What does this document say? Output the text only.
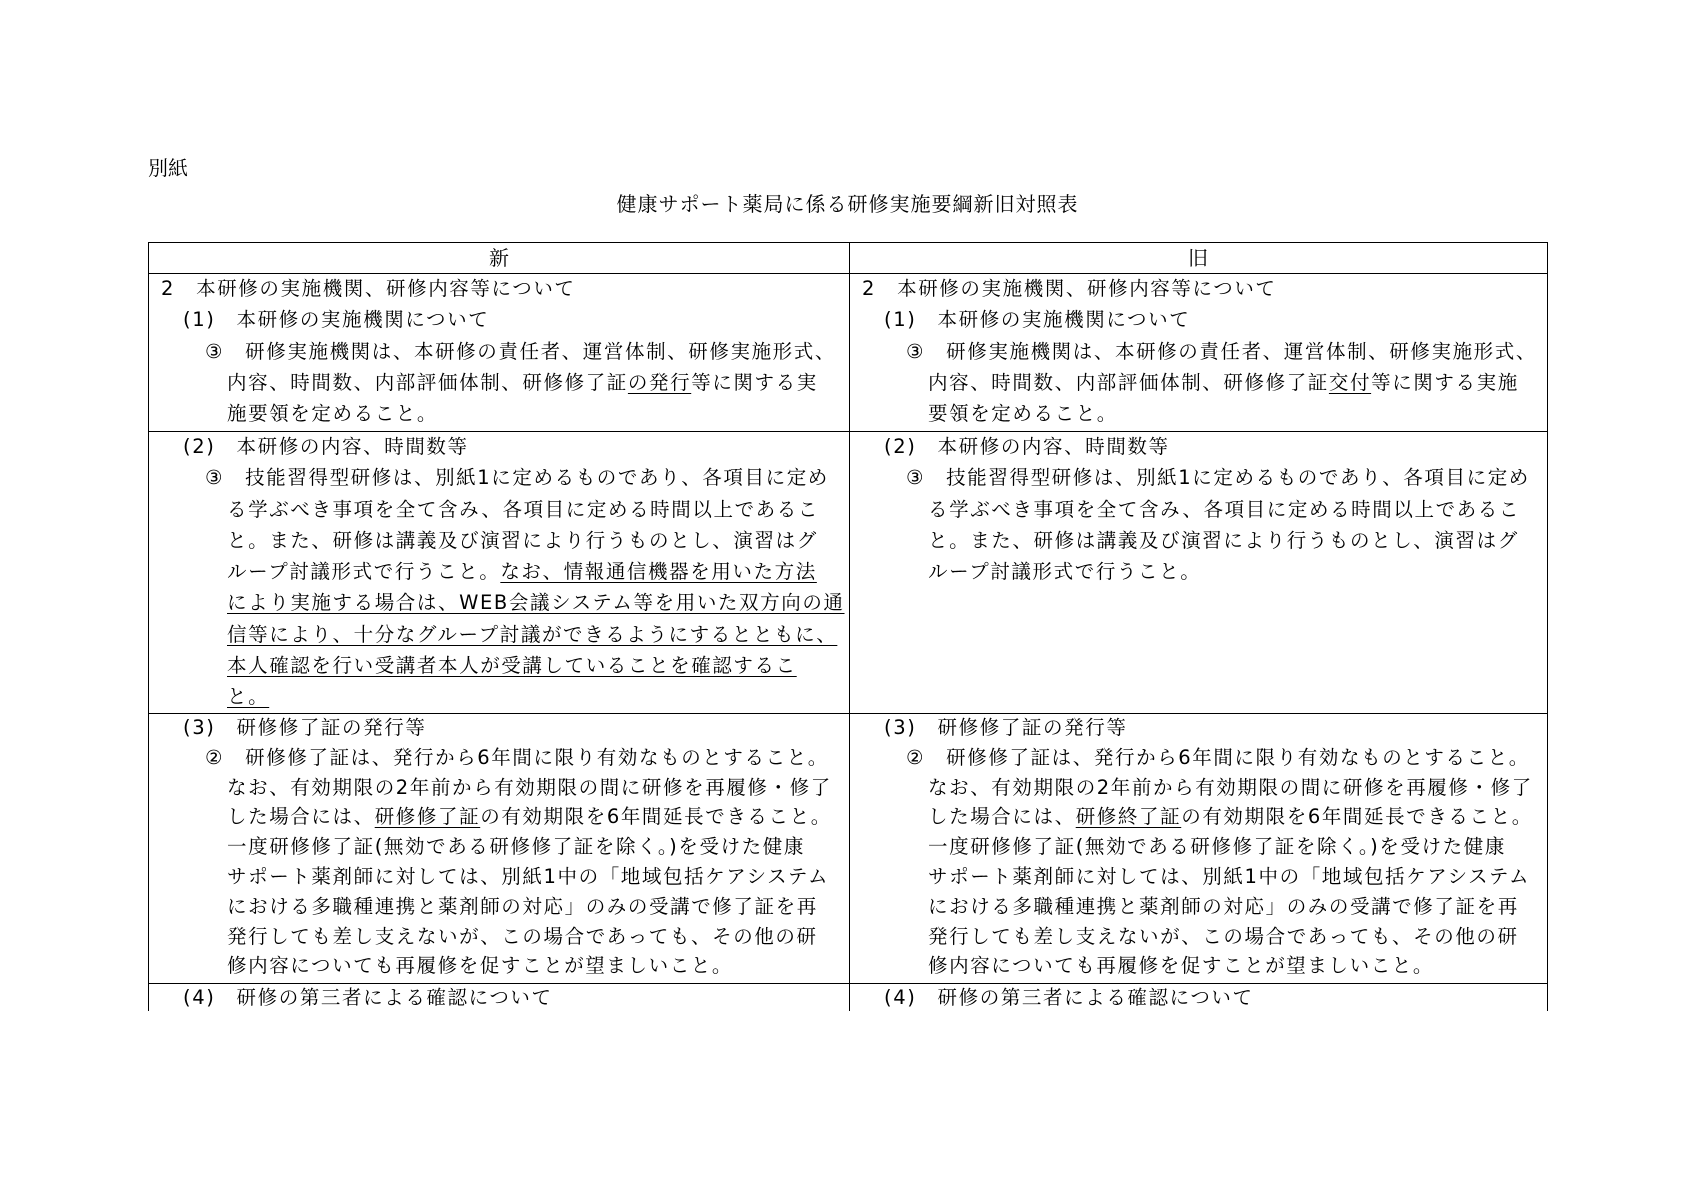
別紙
健康サポート薬局に係る研修実施要綱新旧対照表
新	旧
2　本研修の実施機関、研修内容等について
(1)　本研修の実施機関について
③　研修実施機関は、本研修の責任者、運営体制、研修実施形式、
内容、時間数、内部評価体制、研修修了証の発行等に関する実
施要領を定めること。
2　本研修の実施機関、研修内容等について
(1)　本研修の実施機関について
③　研修実施機関は、本研修の責任者、運営体制、研修実施形式、
内容、時間数、内部評価体制、研修修了証交付等に関する実施
要領を定めること。
(2)　本研修の内容、時間数等
③　技能習得型研修は、別紙1に定めるものであり、各項目に定め
る学ぶべき事項を全て含み、各項目に定める時間以上であるこ
と。また、研修は講義及び演習により行うものとし、演習はグ
ループ討議形式で行うこと。なお、情報通信機器を用いた方法
により実施する場合は、WEB会議システム等を用いた双方向の通
信等により、十分なグループ討議ができるようにするとともに、
本人確認を行い受講者本人が受講していることを確認するこ
と。
(2)　本研修の内容、時間数等
③　技能習得型研修は、別紙1に定めるものであり、各項目に定め
る学ぶべき事項を全て含み、各項目に定める時間以上であるこ
と。また、研修は講義及び演習により行うものとし、演習はグ
ループ討議形式で行うこと。
(3)　研修修了証の発行等
②　研修修了証は、発行から6年間に限り有効なものとすること。
なお、有効期限の2年前から有効期限の間に研修を再履修・修了
した場合には、研修修了証の有効期限を6年間延長できること。
一度研修修了証(無効である研修修了証を除く。)を受けた健康
サポート薬剤師に対しては、別紙1中の「地域包括ケアシステム
における多職種連携と薬剤師の対応」のみの受講で修了証を再
発行しても差し支えないが、この場合であっても、その他の研
修内容についても再履修を促すことが望ましいこと。
(3)　研修修了証の発行等
②　研修修了証は、発行から6年間に限り有効なものとすること。
なお、有効期限の2年前から有効期限の間に研修を再履修・修了
した場合には、研修終了証の有効期限を6年間延長できること。
一度研修修了証(無効である研修修了証を除く。)を受けた健康
サポート薬剤師に対しては、別紙1中の「地域包括ケアシステム
における多職種連携と薬剤師の対応」のみの受講で修了証を再
発行しても差し支えないが、この場合であっても、その他の研
修内容についても再履修を促すことが望ましいこと。
(4)　研修の第三者による確認について	(4)　研修の第三者による確認について
